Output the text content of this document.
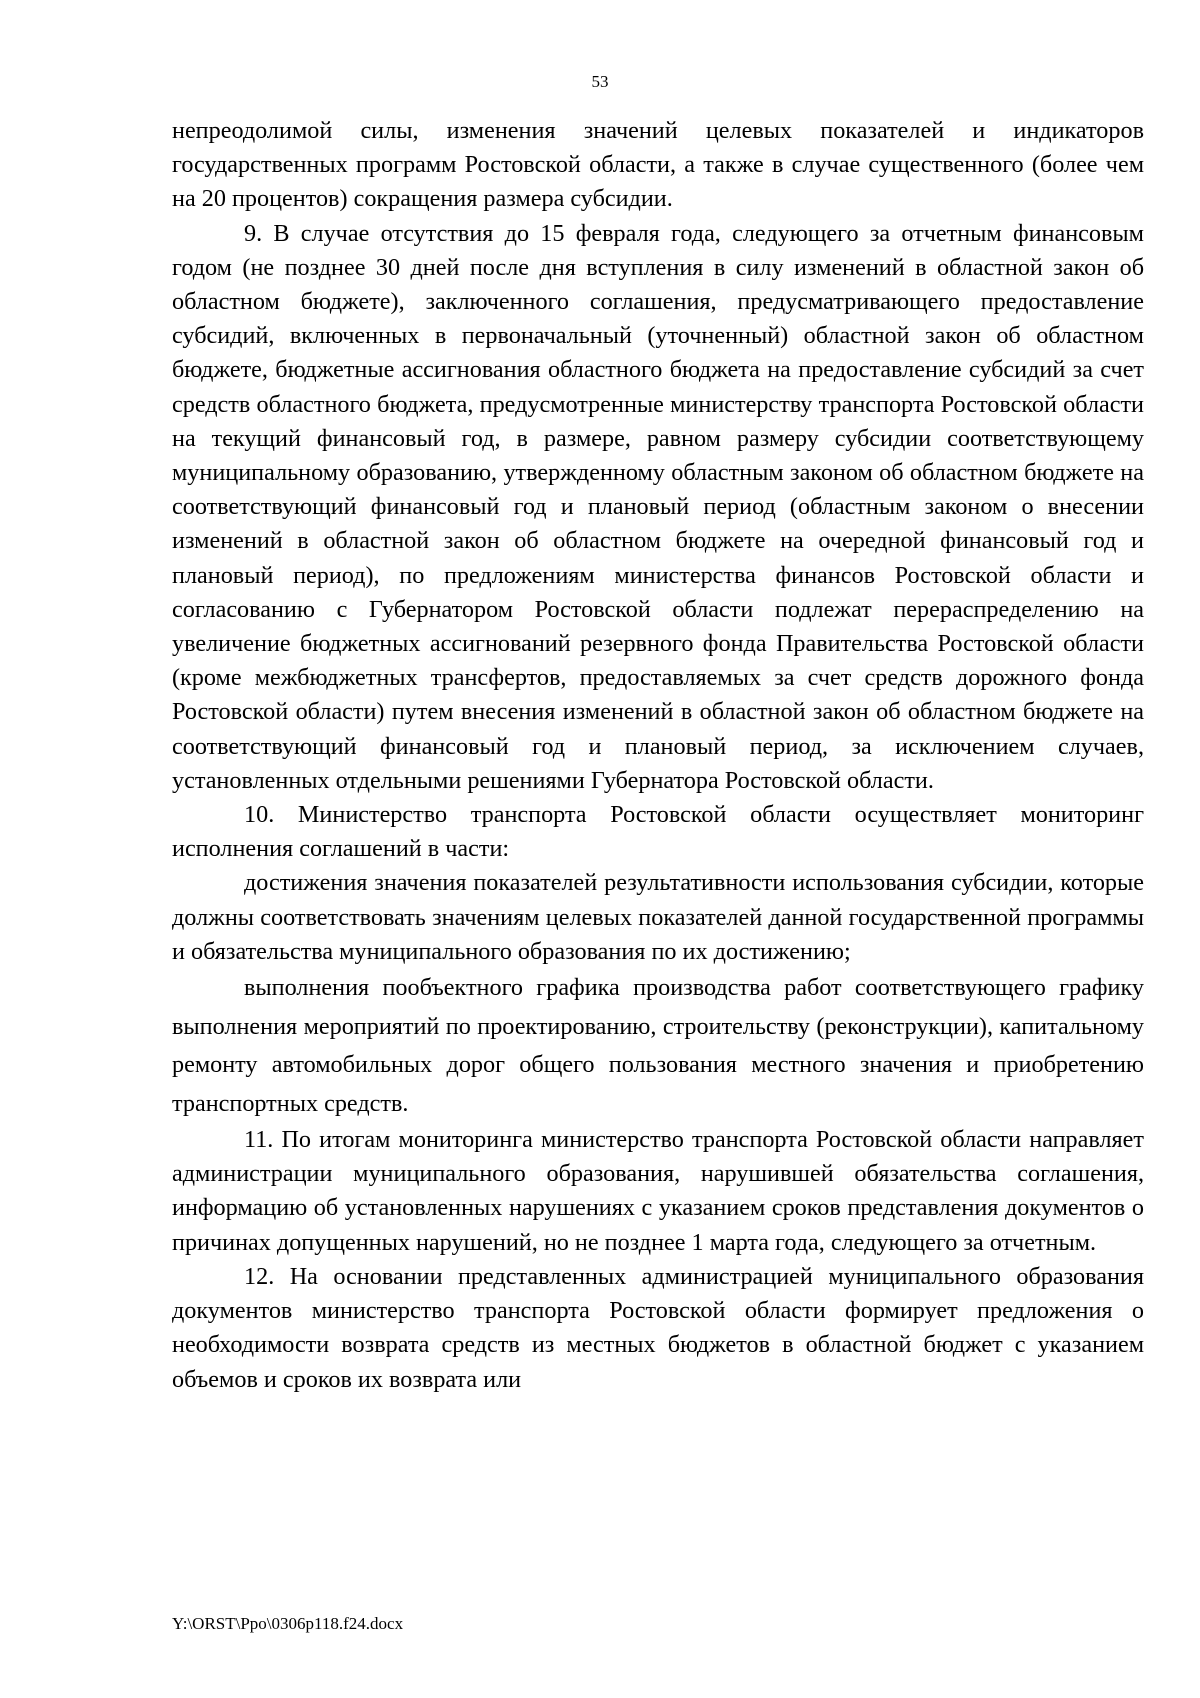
53

непреодолимой силы, изменения значений целевых показателей и индикаторов государственных программ Ростовской области, а также в случае существенного (более чем на 20 процентов) сокращения размера субсидии.

9. В случае отсутствия до 15 февраля года, следующего за отчетным финансовым годом (не позднее 30 дней после дня вступления в силу изменений в областной закон об областном бюджете), заключенного соглашения, предусматривающего предоставление субсидий, включенных в первоначальный (уточненный) областной закон об областном бюджете, бюджетные ассигнования областного бюджета на предоставление субсидий за счет средств областного бюджета, предусмотренные министерству транспорта Ростовской области на текущий финансовый год, в размере, равном размеру субсидии соответствующему муниципальному образованию, утвержденному областным законом об областном бюджете на соответствующий финансовый год и плановый период (областным законом о внесении изменений в областной закон об областном бюджете на очередной финансовый год и плановый период), по предложениям министерства финансов Ростовской области и согласованию с Губернатором Ростовской области подлежат перераспределению на увеличение бюджетных ассигнований резервного фонда Правительства Ростовской области (кроме межбюджетных трансфертов, предоставляемых за счет средств дорожного фонда Ростовской области) путем внесения изменений в областной закон об областном бюджете на соответствующий финансовый год и плановый период, за исключением случаев, установленных отдельными решениями Губернатора Ростовской области.

10. Министерство транспорта Ростовской области осуществляет мониторинг исполнения соглашений в части:

достижения значения показателей результативности использования субсидии, которые должны соответствовать значениям целевых показателей данной государственной программы и обязательства муниципального образования по их достижению;

выполнения пообъектного графика производства работ соответствующего графику выполнения мероприятий по проектированию, строительству (реконструкции), капитальному ремонту автомобильных дорог общего пользования местного значения и приобретению транспортных средств.

11. По итогам мониторинга министерство транспорта Ростовской области направляет администрации муниципального образования, нарушившей обязательства соглашения, информацию об установленных нарушениях с указанием сроков представления документов о причинах допущенных нарушений, но не позднее 1 марта года, следующего за отчетным.

12. На основании представленных администрацией муниципального образования документов министерство транспорта Ростовской области формирует предложения о необходимости возврата средств из местных бюджетов в областной бюджет с указанием объемов и сроков их возврата или

Y:\ORST\Ppo\0306p118.f24.docx
